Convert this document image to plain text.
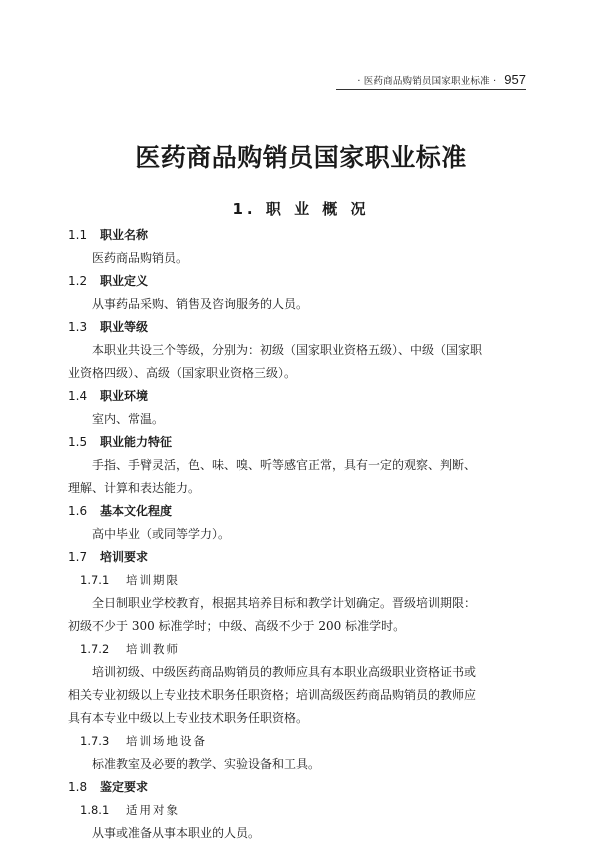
· 医药商品购销员国家职业标准 · 957
医药商品购销员国家职业标准
1. 职 业 概 况
1.1 职业名称

医药商品购销员。

1.2 职业定义

从事药品采购、销售及咨询服务的人员。

1.3 职业等级

本职业共设三个等级，分别为：初级（国家职业资格五级）、中级（国家职

业资格四级）、高级（国家职业资格三级）。

1.4 职业环境

室内、常温。

1.5 职业能力特征

手指、手臂灵活，色、味、嗅、听等感官正常，具有一定的观察、判断、

理解、计算和表达能力。

1.6 基本文化程度

高中毕业（或同等学力）。

1.7 培训要求
1.7.1 培训期限

全日制职业学校教育，根据其培养目标和教学计划确定。晋级培训期限：

初级不少于 300 标准学时；中级、高级不少于 200 标准学时。

1.7.2 培训教师

培训初级、中级医药商品购销员的教师应具有本职业高级职业资格证书或

相关专业初级以上专业技术职务任职资格；培训高级医药商品购销员的教师应

具有本专业中级以上专业技术职务任职资格。

1.7.3 培训场地设备

标准教室及必要的教学、实验设备和工具。

1.8 鉴定要求
1.8.1 适用对象

从事或准备从事本职业的人员。
